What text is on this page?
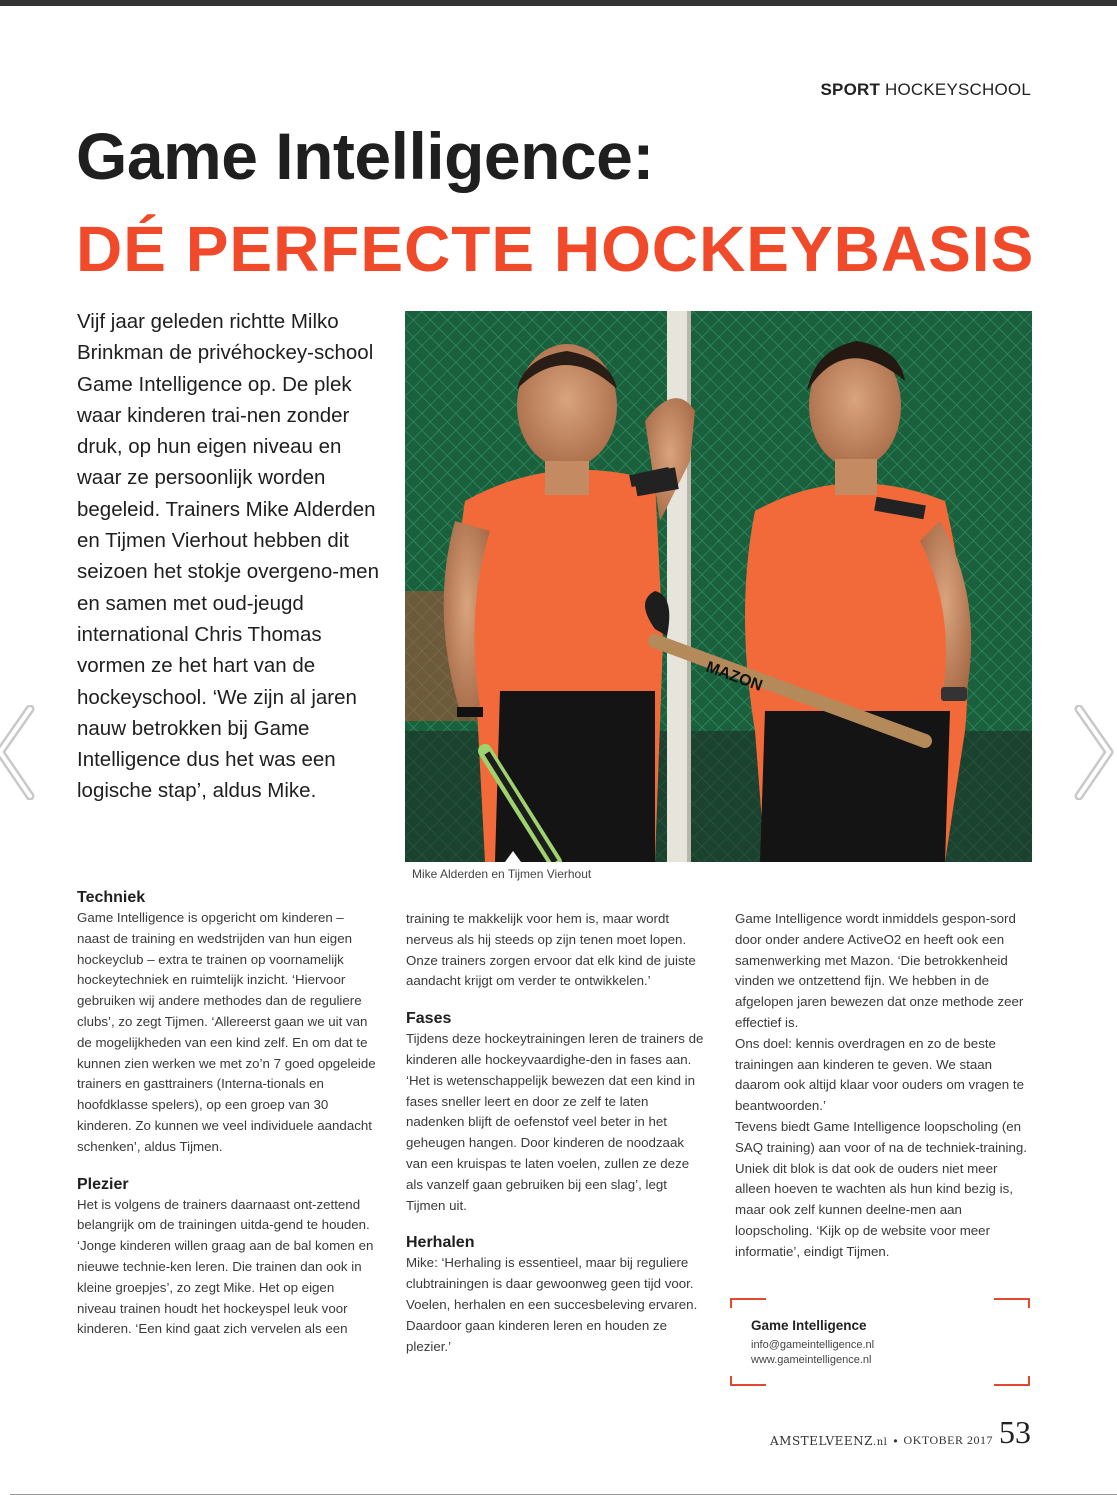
SPORT HOCKEYSCHOOL
Game Intelligence:
DÉ PERFECTE HOCKEYBASIS
Vijf jaar geleden richtte Milko Brinkman de privéhockey-school Game Intelligence op. De plek waar kinderen trai-nen zonder druk, op hun eigen niveau en waar ze persoonlijk worden begeleid. Trainers Mike Alderden en Tijmen Vierhout hebben dit seizoen het stokje overgeno-men en samen met oud-jeugd international Chris Thomas vormen ze het hart van de hockeyschool. ‘We zijn al jaren nauw betrokken bij Game Intelligence dus het was een logische stap’, aldus Mike.
MAZON
Mike Alderden en Tijmen Vierhout
Techniek

Game Intelligence is opgericht om kinderen – naast de training en wedstrijden van hun eigen hockeyclub – extra te trainen op voornamelijk hockeytechniek en ruimtelijk inzicht. ‘Hiervoor gebruiken wij andere methodes dan de reguliere clubs’, zo zegt Tijmen. ‘Allereerst gaan we uit van de mogelijkheden van een kind zelf. En om dat te kunnen zien werken we met zo’n 7 goed opgeleide trainers en gasttrainers (Interna-tionals en hoofdklasse spelers), op een groep van 30 kinderen. Zo kunnen we veel individuele aandacht schenken’, aldus Tijmen.

Plezier

Het is volgens de trainers daarnaast ont-zettend belangrijk om de trainingen uitda-gend te houden. ‘Jonge kinderen willen graag aan de bal komen en nieuwe technie-ken leren. Die trainen dan ook in kleine groepjes’, zo zegt Mike. Het op eigen niveau trainen houdt het hockeyspel leuk voor kinderen. ‘Een kind gaat zich vervelen als een

training te makkelijk voor hem is, maar wordt nerveus als hij steeds op zijn tenen moet lopen. Onze trainers zorgen ervoor dat elk kind de juiste aandacht krijgt om verder te ontwikkelen.’

Fases

Tijdens deze hockeytrainingen leren de trainers de kinderen alle hockeyvaardighe-den in fases aan. ‘Het is wetenschappelijk bewezen dat een kind in fases sneller leert en door ze zelf te laten nadenken blijft de oefenstof veel beter in het geheugen hangen. Door kinderen de noodzaak van een kruispas te laten voelen, zullen ze deze als vanzelf gaan gebruiken bij een slag’, legt Tijmen uit.

Herhalen

Mike: ‘Herhaling is essentieel, maar bij reguliere clubtrainingen is daar gewoonweg geen tijd voor. Voelen, herhalen en een succesbeleving ervaren. Daardoor gaan kinderen leren en houden ze plezier.’

Game Intelligence wordt inmiddels gespon-sord door onder andere ActiveO2 en heeft ook een samenwerking met Mazon. ‘Die betrokkenheid vinden we ontzettend fijn. We hebben in de afgelopen jaren bewezen dat onze methode zeer effectief is.

Ons doel: kennis overdragen en zo de beste trainingen aan kinderen te geven. We staan daarom ook altijd klaar voor ouders om vragen te beantwoorden.’

Tevens biedt Game Intelligence loopscholing (en SAQ training) aan voor of na de techniek-training. Uniek dit blok is dat ook de ouders niet meer alleen hoeven te wachten als hun kind bezig is, maar ook zelf kunnen deelne-men aan loopscholing. ‘Kijk op de website voor meer informatie’, eindigt Tijmen.

Game Intelligence
info@gameintelligence.nl
www.gameintelligence.nl
AMSTELVEENZ.nl • OKTOBER 2017 53
